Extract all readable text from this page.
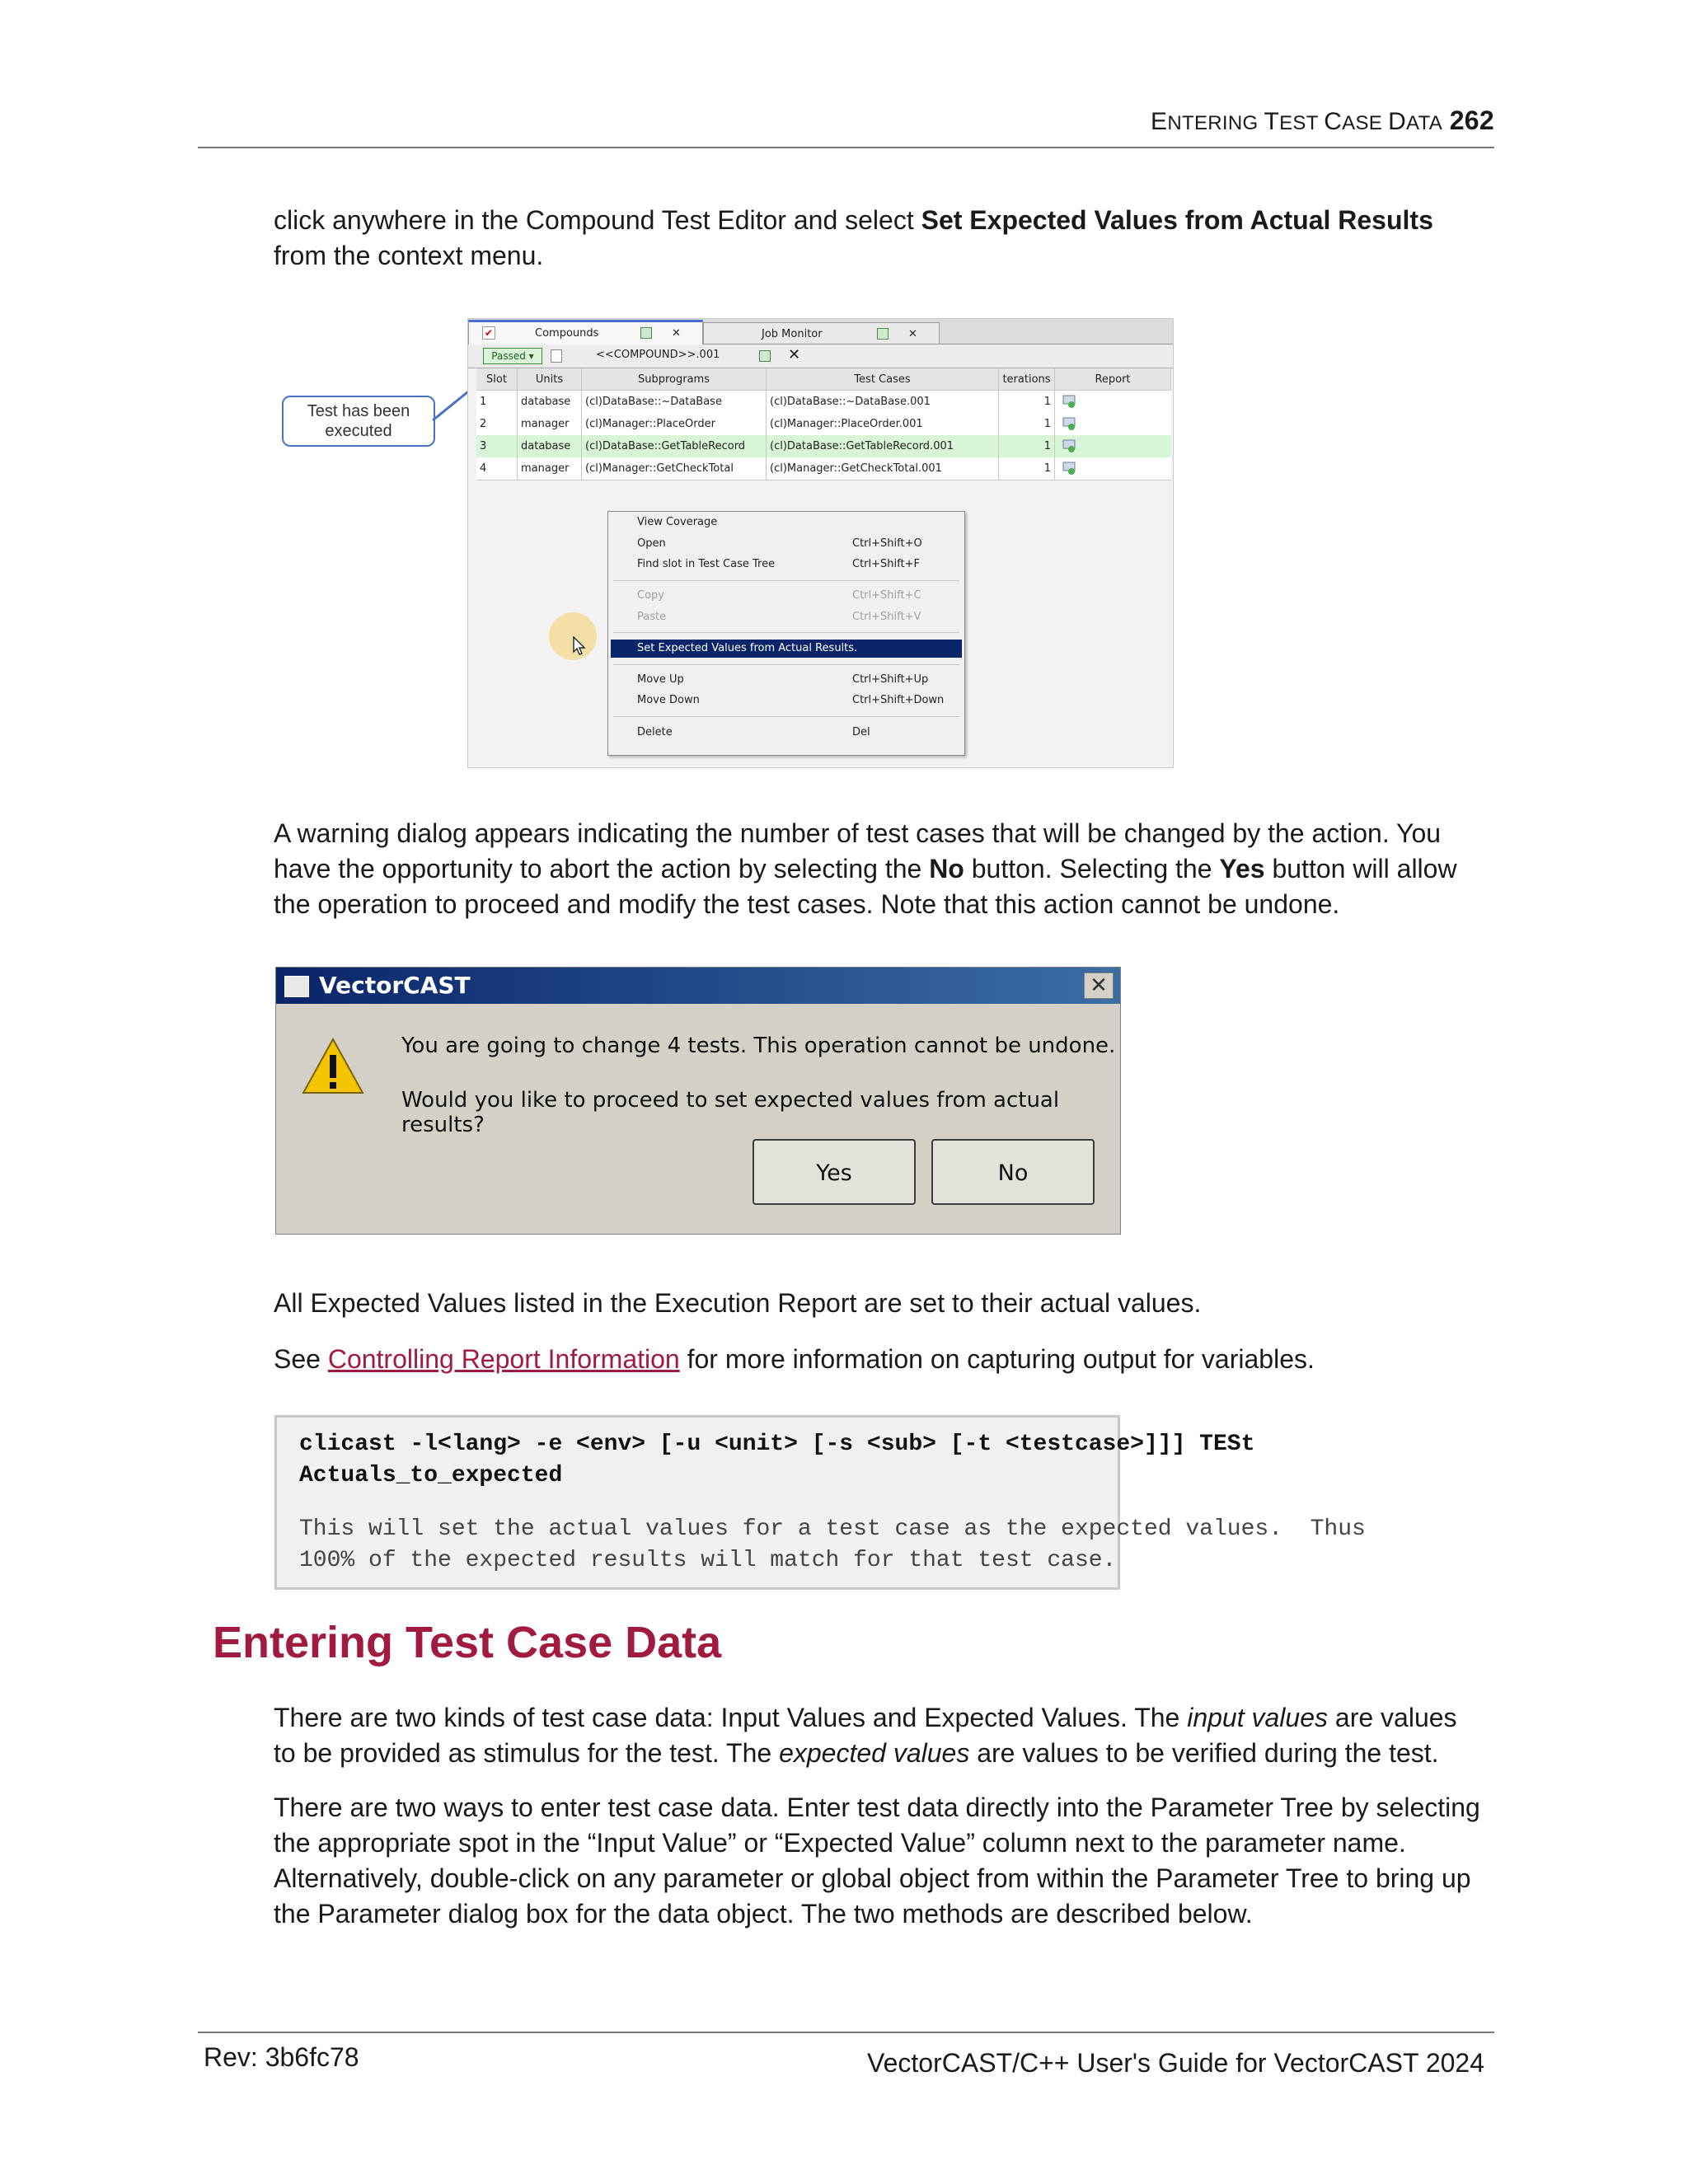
ENTERING TEST CASE DATA 262
click anywhere in the Compound Test Editor and select Set Expected Values from Actual Results
from the context menu.
Test has been
executed
✔	Compounds	✕	Job Monitor	✕
Passed ▾	<<COMPOUND>>.001	✕
Slot	Units	Subprograms	Test Cases	terations	Report
1	database	(cl)DataBase::~DataBase	(cl)DataBase::~DataBase.001	1
2	manager	(cl)Manager::PlaceOrder	(cl)Manager::PlaceOrder.001	1
3	database	(cl)DataBase::GetTableRecord	(cl)DataBase::GetTableRecord.001	1
4	manager	(cl)Manager::GetCheckTotal	(cl)Manager::GetCheckTotal.001	1
View Coverage
Open	Ctrl+Shift+O
Find slot in Test Case Tree	Ctrl+Shift+F
Copy	Ctrl+Shift+C
Paste	Ctrl+Shift+V
Set Expected Values from Actual Results.
Move Up	Ctrl+Shift+Up
Move Down	Ctrl+Shift+Down
Delete	Del
A warning dialog appears indicating the number of test cases that will be changed by the action. You
have the opportunity to abort the action by selecting the No button. Selecting the Yes button will allow
the operation to proceed and modify the test cases. Note that this action cannot be undone.
VectorCAST	✕
You are going to change 4 tests. This operation cannot be undone.
Would you like to proceed to set expected values from actual results?
Yes	No
All Expected Values listed in the Execution Report are set to their actual values.
See Controlling Report Information for more information on capturing output for variables.
clicast -l<lang> -e <env> [-u <unit> [-s <sub> [-t <testcase>]]] TESt
Actuals_to_expected
This will set the actual values for a test case as the expected values.  Thus
100% of the expected results will match for that test case.
Entering Test Case Data
There are two kinds of test case data: Input Values and Expected Values. The input values are values
to be provided as stimulus for the test. The expected values are values to be verified during the test.
There are two ways to enter test case data. Enter test data directly into the Parameter Tree by selecting
the appropriate spot in the “Input Value” or “Expected Value” column next to the parameter name.
Alternatively, double-click on any parameter or global object from within the Parameter Tree to bring up
the Parameter dialog box for the data object. The two methods are described below.
Rev: 3b6fc78	VectorCAST/C++ User's Guide for VectorCAST 2024
